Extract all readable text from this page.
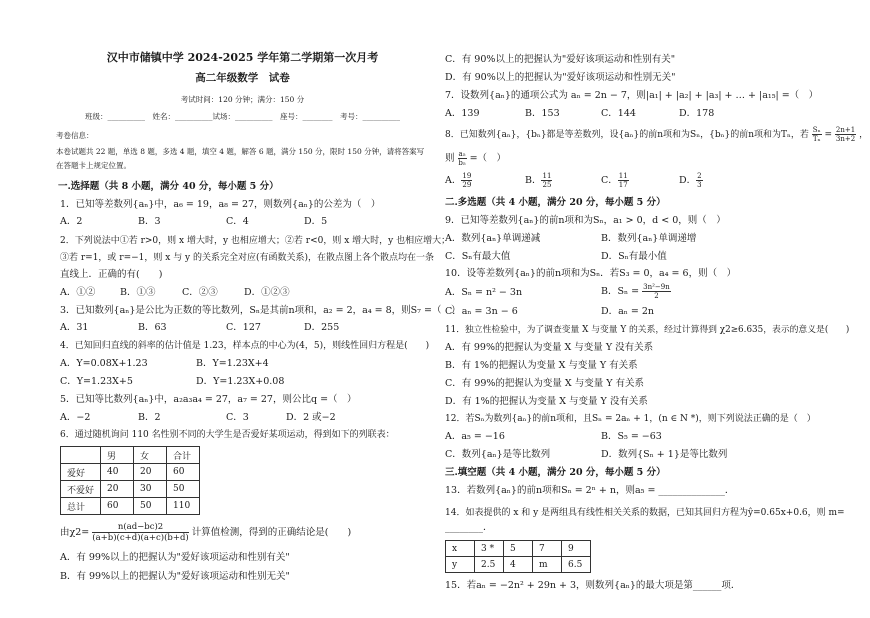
汉中市储镇中学 2024-2025 学年第二学期第一次月考
高二年级数学　试卷
考试时间：120 分钟；满分：150 分
班级：__________　姓名：__________试场：__________　座号：________　考号：__________
考卷信息：
本卷试题共 22 题，单选 8 题，多选 4 题，填空 4 题，解答 6 题，满分 150 分，限时 150 分钟，请将答案写
在答题卡上规定位置。
一.选择题（共 8 小题，满分 40 分，每小题 5 分）
1．已知等差数列{aₙ}中，a₆ = 19，a₈ = 27，则数列{aₙ}的公差为（　）
A．2	B．3	C．4	D．5
2．下列说法中①若 r>0，则 x 增大时，y 也相应增大；②若 r<0，则 x 增大时，y 也相应增大；
③若 r=1，或 r=−1，则 x 与 y 的关系完全对应(有函数关系)，在散点图上各个散点均在一条
直线上．正确的有(　　)
A．①②	B．①③	C．②③	D．①②③
3．已知数列{aₙ}是公比为正数的等比数列，Sₙ是其前n项和，a₂ = 2，a₄ = 8，则S₇ =（　）
A．31	B．63	C．127	D．255
4．已知回归直线的斜率的估计值是 1.23，样本点的中心为(4，5)，则线性回归方程是(　　)
A．Y=0.08X+1.23	B．Y=1.23X+4
C．Y=1.23X+5	D．Y=1.23X+0.08
5．已知等比数列{aₙ}中，a₂a₃a₄ = 27，a₇ = 27，则公比q =（　）
A．−2	B．2	C．3	D．2 或−2
6．通过随机询问 110 名性别不同的大学生是否爱好某项运动，得到如下的列联表：
	男	女	合计
爱好	40	20	60
不爱好	20	30	50
总计	60	50	110
由$\chi 2= \frac{n(ad-bc)2}{(a+b)(c+d)(a+c)(b+d)}$ 计算值检测，得到的正确结论是(　　)
A．有 99%以上的把握认为"爱好该项运动和性别有关"
B．有 99%以上的把握认为"爱好该项运动和性别无关"
C．有 90%以上的把握认为"爱好该项运动和性别有关"
D．有 90%以上的把握认为"爱好该项运动和性别无关"
7．设数列{aₙ}的通项公式为 aₙ = 2n − 7，则|a₁| + |a₂| + |a₃| + … + |a₁₅| =（　）
A．139	B．153	C．144	D．178
8．已知数列{aₙ}，{bₙ}都是等差数列，设{aₙ}的前n项和为Sₙ，{bₙ}的前n项和为Tₙ，若 $\frac{\text{Sₙ}}{\text{Tₙ}} = \frac{2n+1}{3n+2}$ ，
则 $\frac{\text{a₅}}{\text{b₅}}$ =（　）
A． $\frac{19}{29}$	B． $\frac{11}{25}$	C． $\frac{11}{17}$	D． $\frac{2}{3}$
二.多选题（共 4 小题，满分 20 分，每小题 5 分）
9．已知等差数列{aₙ}的前n项和为Sₙ，a₁ > 0，d < 0，则（　）
A．数列{aₙ}单调递减	B．数列{aₙ}单调递增
C．Sₙ有最大值	D．Sₙ有最小值
10．设等差数列{aₙ}的前n项和为Sₙ．若S₃ = 0，a₄ = 6，则（　）
A．Sₙ = n² − 3n	B．$S_n = \frac{\text{3n²−9n}}{2}$
C．aₙ = 3n − 6	D．aₙ = 2n
11．独立性检验中，为了调查变量 X 与变量 Y 的关系，经过计算得到 χ2≥6.635，表示的意义是(　　)
A．有 99%的把握认为变量 X 与变量 Y 没有关系
B．有 1%的把握认为变量 X 与变量 Y 有关系
C．有 99%的把握认为变量 X 与变量 Y 有关系
D．有 1%的把握认为变量 X 与变量 Y 没有关系
12．若Sₙ为数列{aₙ}的前n项和，且Sₙ = 2aₙ + 1，(n ∈ N *)，则下列说法正确的是（　）
A．a₅ = −16	B．S₅ = −63
C．数列{aₙ}是等比数列	D．数列{Sₙ + 1}是等比数列
三.填空题（共 4 小题，满分 20 分，每小题 5 分）
13．若数列{aₙ}的前n项和Sₙ = 2ⁿ + n，则a₅ = ______________．
14．如表提供的 x 和 y 是两组具有线性相关关系的数据，已知其回归方程为ŷ=0.65x+0.6，则 m=
________．
x	3 *	5	7	9
y	2.5	4	m	6.5
15．若aₙ = −2n² + 29n + 3，则数列{aₙ}的最大项是第______项．
